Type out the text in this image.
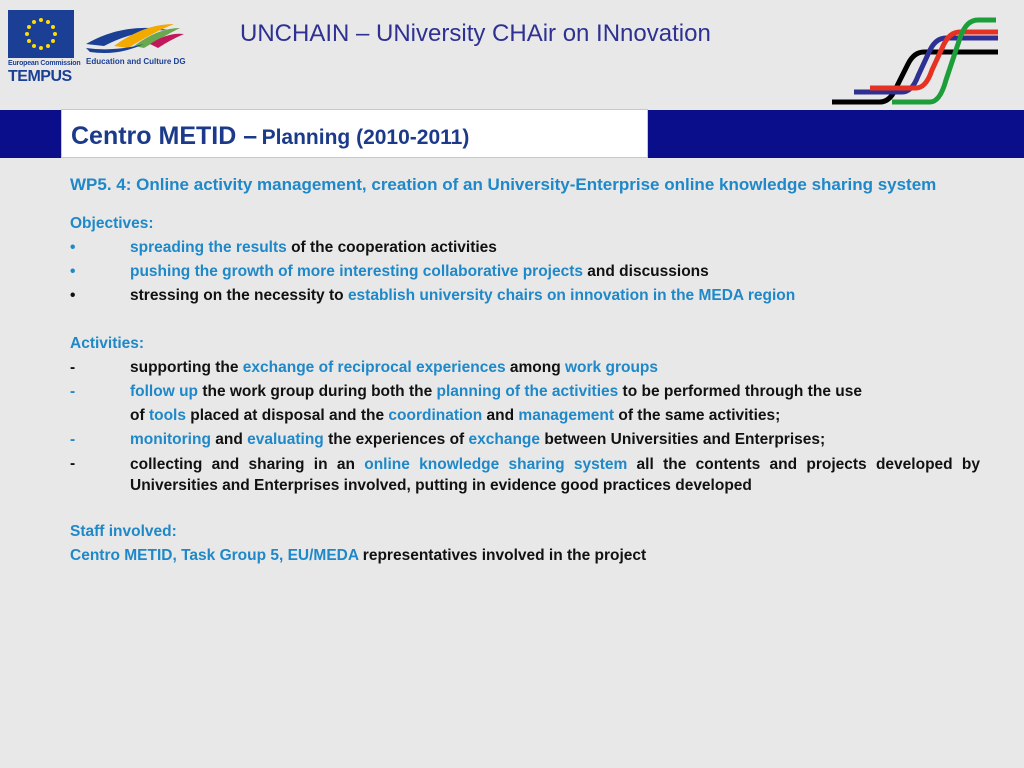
European Commission
TEMPUS
Education and Culture DG
UNCHAIN – UNiversity CHAir on INnovation
Centro METID – Planning (2010-2011)

WP5. 4: Online activity management, creation of an University-Enterprise online knowledge sharing system

Objectives:
•	spreading the results of the cooperation activities
•	pushing the growth of more interesting collaborative projects and discussions
•	stressing on the necessity to establish university chairs on innovation in the MEDA region
Activities:
-	supporting the exchange of reciprocal experiences among work groups
-	follow up the work group during both the planning of the activities to be performed through the use
of tools placed at disposal and the coordination and management of the same activities;
-	monitoring and evaluating the experiences of exchange between Universities and Enterprises;
-	collecting and sharing in an online knowledge sharing system all the contents and projects developed by Universities and Enterprises involved, putting in evidence good practices developed
Staff involved:
Centro METID, Task Group 5, EU/MEDA representatives involved in the project
